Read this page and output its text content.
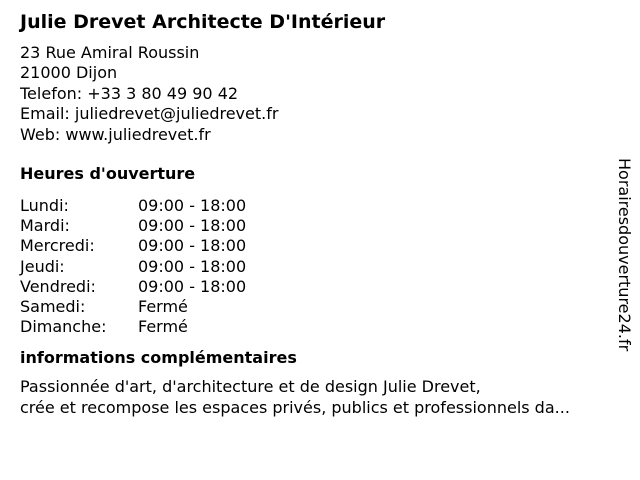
Julie Drevet Architecte D'Intérieur
23 Rue Amiral Roussin
21000 Dijon
Telefon: +33 3 80 49 90 42
Email: juliedrevet@juliedrevet.fr
Web: www.juliedrevet.fr
Heures d'ouverture
Lundi:	09:00 - 18:00
Mardi:	09:00 - 18:00
Mercredi:	09:00 - 18:00
Jeudi:	09:00 - 18:00
Vendredi:	09:00 - 18:00
Samedi:	Fermé
Dimanche:	Fermé
informations complémentaires
Passionnée d'art, d'architecture et de design Julie Drevet,
crée et recompose les espaces privés, publics et professionnels da...
Horairesdouverture24.fr
